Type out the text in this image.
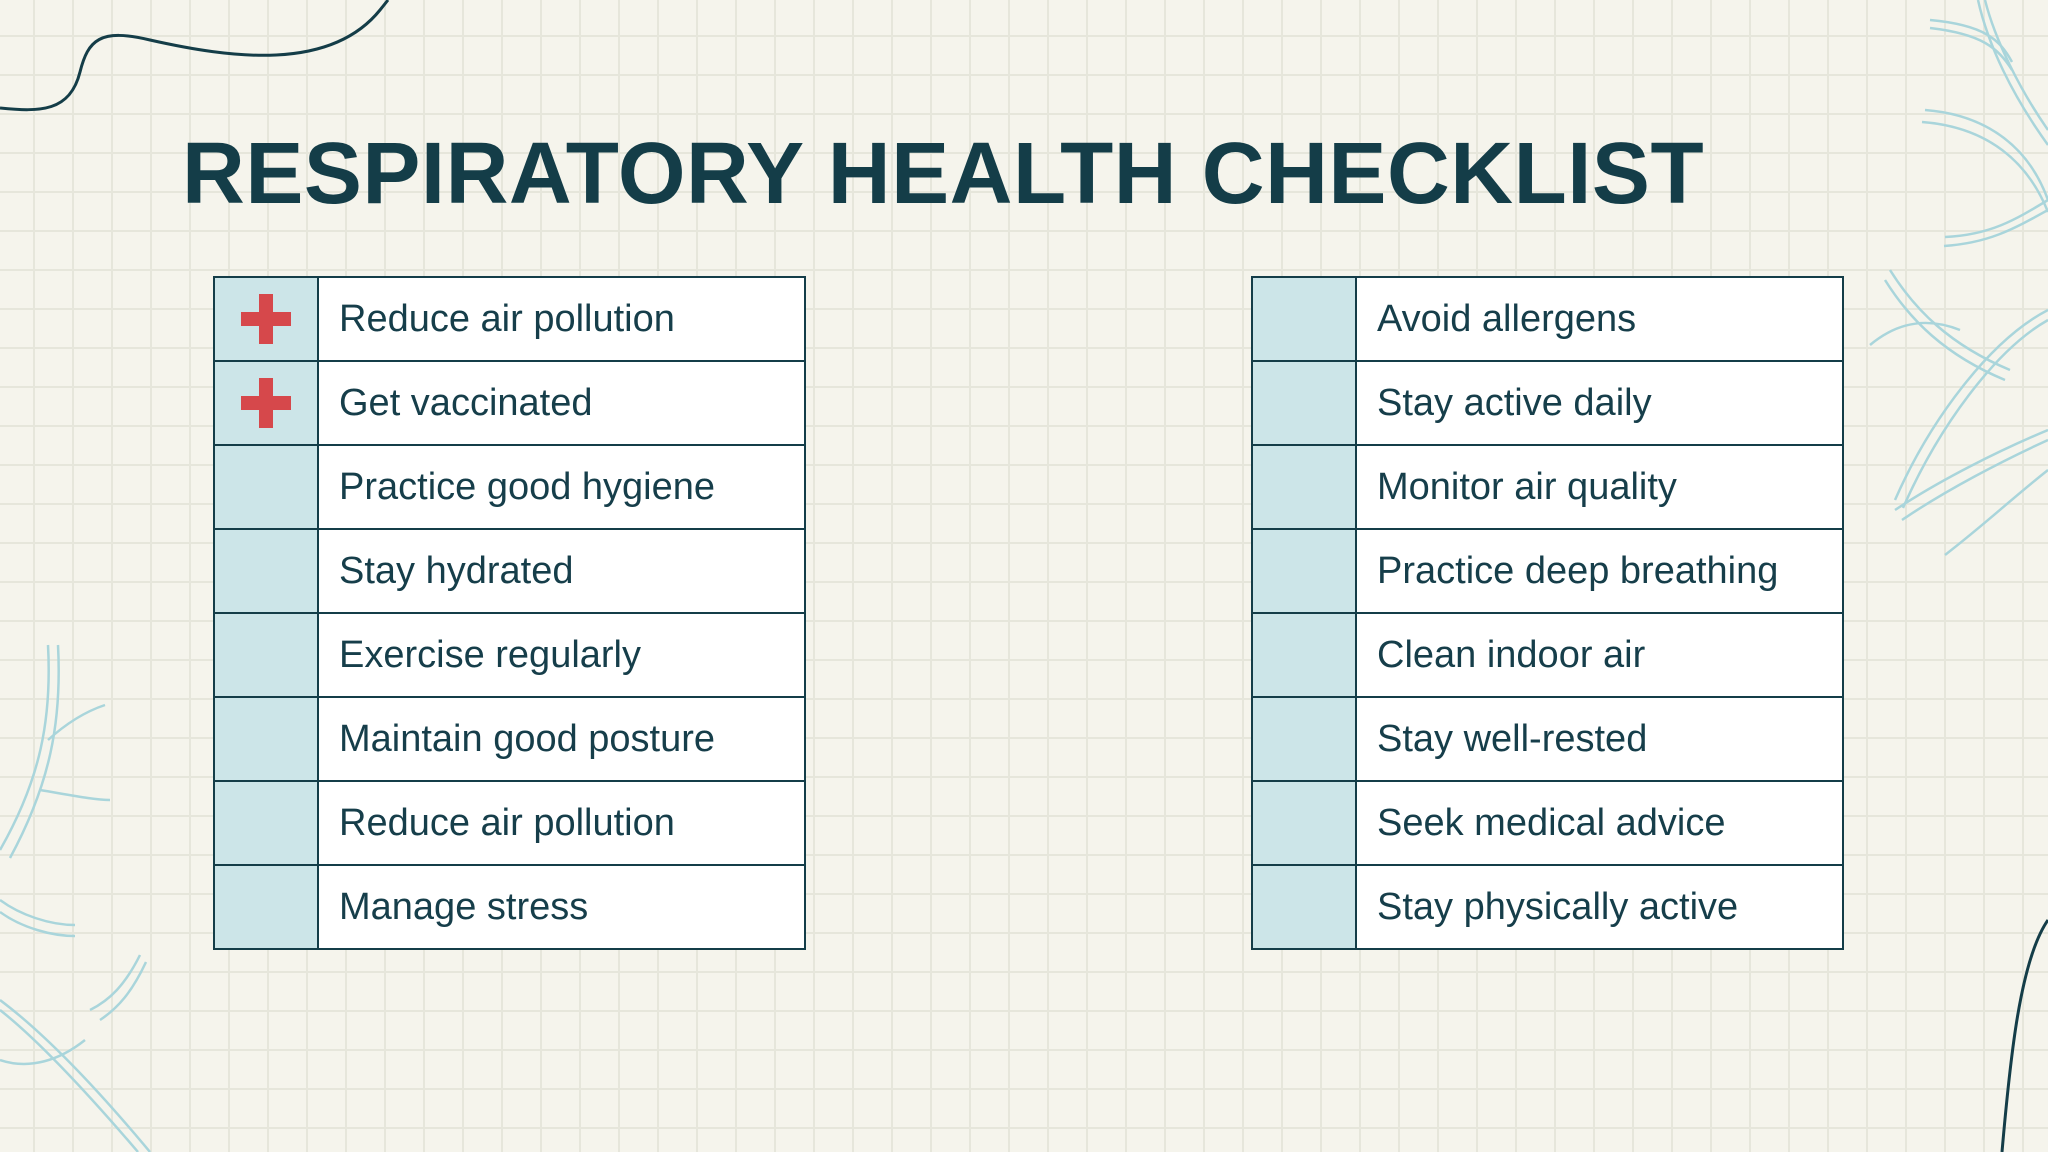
RESPIRATORY HEALTH CHECKLIST
	Reduce air pollution
	Get vaccinated
	Practice good hygiene
	Stay hydrated
	Exercise regularly
	Maintain good posture
	Reduce air pollution
	Manage stress
	Avoid allergens
	Stay active daily
	Monitor air quality
	Practice deep breathing
	Clean indoor air
	Stay well-rested
	Seek medical advice
	Stay physically active
